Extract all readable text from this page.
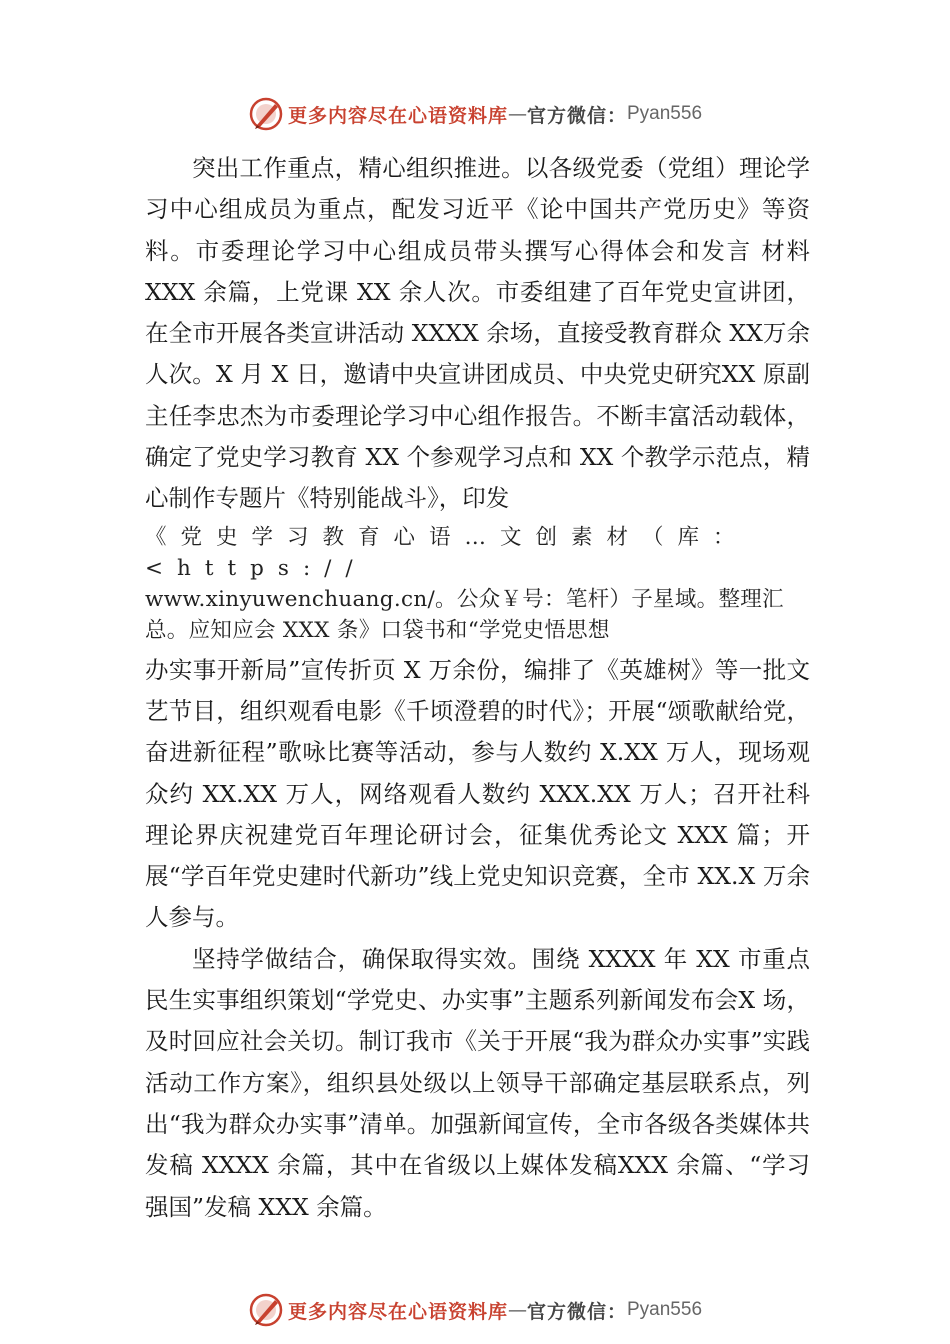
更多内容尽在心语资料库 — 官方微信： Pyan556

突出工作重点，精心组织推进。以各级党委（党组）理论学习中心组成员为重点，配发习近平《论中国共产党历史》等资料。市委理论学习中心组成员带头撰写心得体会和发言 材料XXX 余篇，上党课 XX 余人次。市委组建了百年党史宣讲团，在全市开展各类宣讲活动 XXXX 余场，直接受教育群众 XX万余人次。X 月 X 日，邀请中央宣讲团成员、中央党史研究XX 原副主任李忠杰为市委理论学习中心组作报告。不断丰富活动载体，确定了党史学习教育 XX 个参观学习点和 XX 个教学示范点，精心制作专题片《特别能战斗》，印发

《党史学习教育心语…文创素材（库：<https://
www.xinyuwenchuang.cn/。公众￥号：笔杆）子星域。整理汇
总。应知应会 XXX 条》口袋书和“学党史悟思想

办实事开新局”宣传折页 X 万余份，编排了《英雄树》等一批文艺节目，组织观看电影《千顷澄碧的时代》；开展“颂歌献给党，奋进新征程”歌咏比赛等活动，参与人数约 X.XX 万人，现场观众约 XX.XX 万人，网络观看人数约 XXX.XX 万人；召开社科理论界庆祝建党百年理论研讨会，征集优秀论文 XXX 篇；开展“学百年党史建时代新功”线上党史知识竞赛，全市 XX.X 万余人参与。

坚持学做结合，确保取得实效。围绕 XXXX 年 XX 市重点民生实事组织策划“学党史、办实事”主题系列新闻发布会X 场，及时回应社会关切。制订我市《关于开展“我为群众办实事”实践活动工作方案》，组织县处级以上领导干部确定基层联系点，列出“我为群众办实事”清单。加强新闻宣传，全市各级各类媒体共发稿 XXXX 余篇，其中在省级以上媒体发稿XXX 余篇、“学习强国”发稿 XXX 余篇。

更多内容尽在心语资料库 — 官方微信： Pyan556
